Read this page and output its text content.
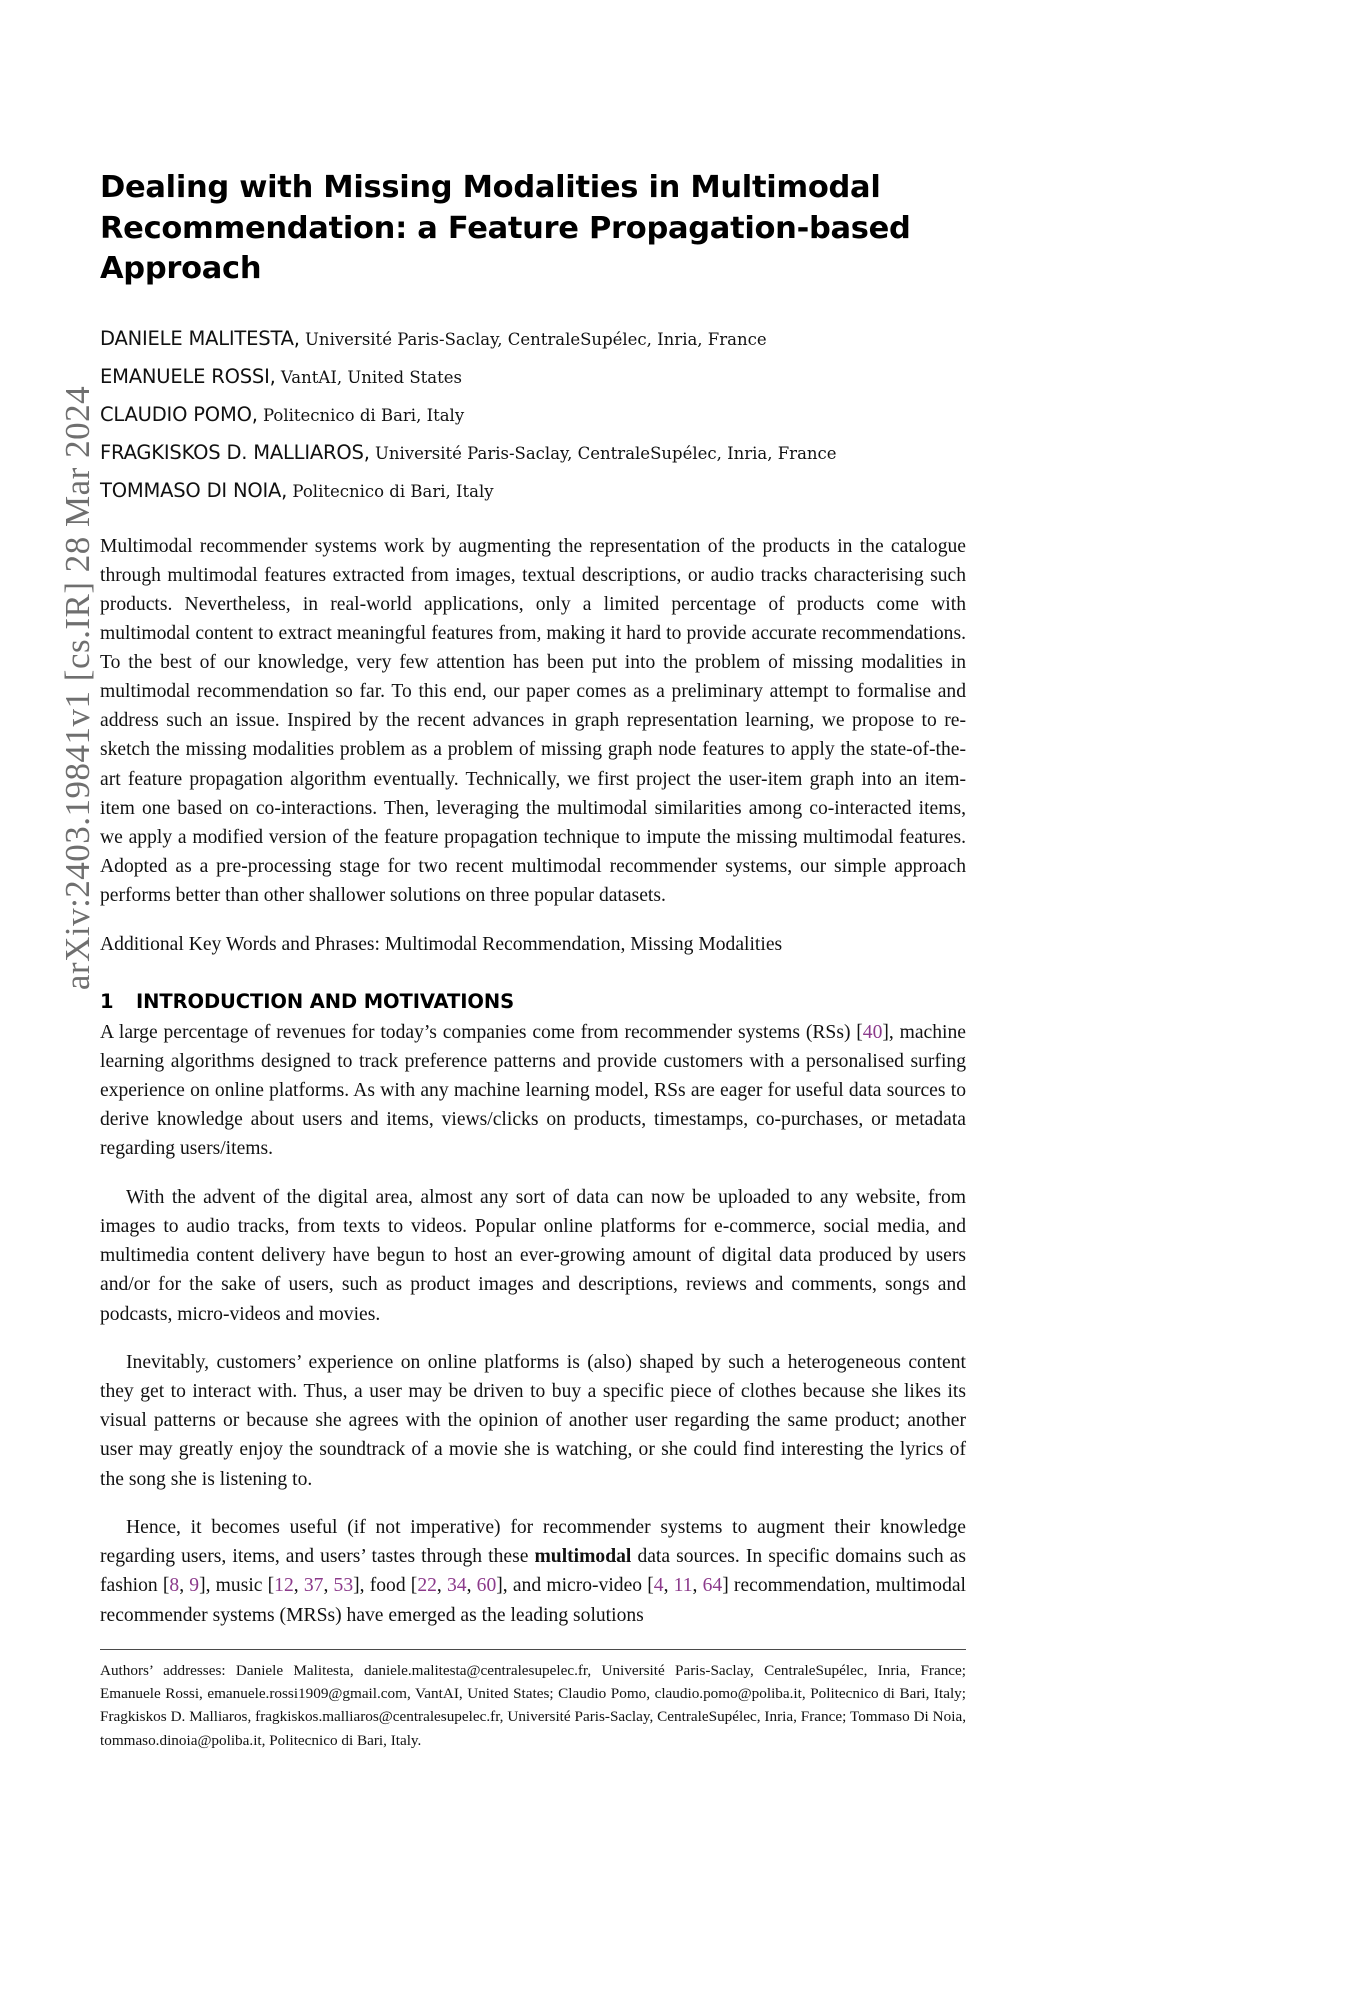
arXiv:2403.19841v1 [cs.IR] 28 Mar 2024
Dealing with Missing Modalities in Multimodal Recommendation: a Feature Propagation-based Approach
DANIELE MALITESTA, Université Paris-Saclay, CentraleSupélec, Inria, France
EMANUELE ROSSI, VantAI, United States
CLAUDIO POMO, Politecnico di Bari, Italy
FRAGKISKOS D. MALLIAROS, Université Paris-Saclay, CentraleSupélec, Inria, France
TOMMASO DI NOIA, Politecnico di Bari, Italy

Multimodal recommender systems work by augmenting the representation of the products in the catalogue through multimodal features extracted from images, textual descriptions, or audio tracks characterising such products. Nevertheless, in real-world applications, only a limited percentage of products come with multimodal content to extract meaningful features from, making it hard to provide accurate recommendations. To the best of our knowledge, very few attention has been put into the problem of missing modalities in multimodal recommendation so far. To this end, our paper comes as a preliminary attempt to formalise and address such an issue. Inspired by the recent advances in graph representation learning, we propose to re-sketch the missing modalities problem as a problem of missing graph node features to apply the state-of-the-art feature propagation algorithm eventually. Technically, we first project the user-item graph into an item-item one based on co-interactions. Then, leveraging the multimodal similarities among co-interacted items, we apply a modified version of the feature propagation technique to impute the missing multimodal features. Adopted as a pre-processing stage for two recent multimodal recommender systems, our simple approach performs better than other shallower solutions on three popular datasets.

Additional Key Words and Phrases: Multimodal Recommendation, Missing Modalities

1 INTRODUCTION AND MOTIVATIONS

A large percentage of revenues for today’s companies come from recommender systems (RSs) [40], machine learning algorithms designed to track preference patterns and provide customers with a personalised surfing experience on online platforms. As with any machine learning model, RSs are eager for useful data sources to derive knowledge about users and items, views/clicks on products, timestamps, co-purchases, or metadata regarding users/items.

With the advent of the digital area, almost any sort of data can now be uploaded to any website, from images to audio tracks, from texts to videos. Popular online platforms for e-commerce, social media, and multimedia content delivery have begun to host an ever-growing amount of digital data produced by users and/or for the sake of users, such as product images and descriptions, reviews and comments, songs and podcasts, micro-videos and movies.

Inevitably, customers’ experience on online platforms is (also) shaped by such a heterogeneous content they get to interact with. Thus, a user may be driven to buy a specific piece of clothes because she likes its visual patterns or because she agrees with the opinion of another user regarding the same product; another user may greatly enjoy the soundtrack of a movie she is watching, or she could find interesting the lyrics of the song she is listening to.

Hence, it becomes useful (if not imperative) for recommender systems to augment their knowledge regarding users, items, and users’ tastes through these multimodal data sources. In specific domains such as fashion [8, 9], music [12, 37, 53], food [22, 34, 60], and micro-video [4, 11, 64] recommendation, multimodal recommender systems (MRSs) have emerged as the leading solutions

Authors’ addresses: Daniele Malitesta, daniele.malitesta@centralesupelec.fr, Université Paris-Saclay, CentraleSupélec, Inria, France; Emanuele Rossi, emanuele.rossi1909@gmail.com, VantAI, United States; Claudio Pomo, claudio.pomo@poliba.it, Politecnico di Bari, Italy; Fragkiskos D. Malliaros, fragkiskos.malliaros@centralesupelec.fr, Université Paris-Saclay, CentraleSupélec, Inria, France; Tommaso Di Noia, tommaso.dinoia@poliba.it, Politecnico di Bari, Italy.
